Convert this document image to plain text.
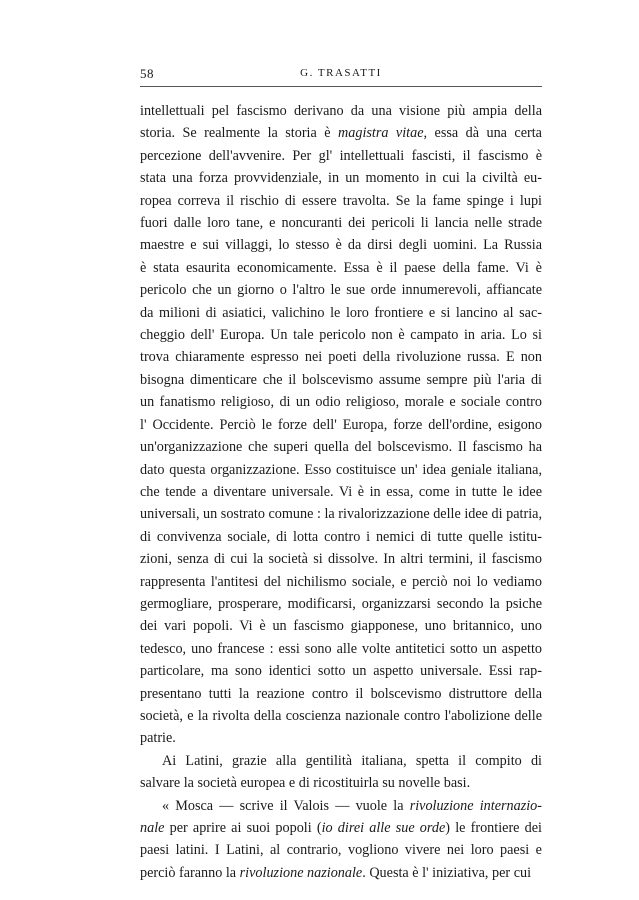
58	G. TRASATTI
intellettuali pel fascismo derivano da una visione più ampia della
storia. Se realmente la storia è magistra vitae, essa dà una certa
percezione dell'avvenire. Per gl' intellettuali fascisti, il fascismo è
stata una forza provvidenziale, in un momento in cui la civiltà eu-
ropea correva il rischio di essere travolta. Se la fame spinge i lupi
fuori dalle loro tane, e noncuranti dei pericoli li lancia nelle strade
maestre e sui villaggi, lo stesso è da dirsi degli uomini. La Russia
è stata esaurita economicamente. Essa è il paese della fame. Vi è
pericolo che un giorno o l'altro le sue orde innumerevoli, affiancate
da milioni di asiatici, valichino le loro frontiere e si lancino al sac-
cheggio dell' Europa. Un tale pericolo non è campato in aria. Lo si
trova chiaramente espresso nei poeti della rivoluzione russa. E non
bisogna dimenticare che il bolscevismo assume sempre più l'aria di
un fanatismo religioso, di un odio religioso, morale e sociale contro
l' Occidente. Perciò le forze dell' Europa, forze dell'ordine, esigono
un'organizzazione che superi quella del bolscevismo. Il fascismo ha
dato questa organizzazione. Esso costituisce un' idea geniale italiana,
che tende a diventare universale. Vi è in essa, come in tutte le idee
universali, un sostrato comune : la rivalorizzazione delle idee di patria,
di convivenza sociale, di lotta contro i nemici di tutte quelle istitu-
zioni, senza di cui la società si dissolve. In altri termini, il fascismo
rappresenta l'antitesi del nichilismo sociale, e perciò noi lo vediamo
germogliare, prosperare, modificarsi, organizzarsi secondo la psiche
dei vari popoli. Vi è un fascismo giapponese, uno britannico, uno
tedesco, uno francese : essi sono alle volte antitetici sotto un aspetto
particolare, ma sono identici sotto un aspetto universale. Essi rap-
presentano tutti la reazione contro il bolscevismo distruttore della
società, e la rivolta della coscienza nazionale contro l'abolizione delle
patrie.
Ai Latini, grazie alla gentilità italiana, spetta il compito di
salvare la società europea e di ricostituirla su novelle basi.
« Mosca — scrive il Valois — vuole la rivoluzione internazio-
nale per aprire ai suoi popoli (io direi alle sue orde) le frontiere dei
paesi latini. I Latini, al contrario, vogliono vivere nei loro paesi e
perciò faranno la rivoluzione nazionale. Questa è l' iniziativa, per cui
